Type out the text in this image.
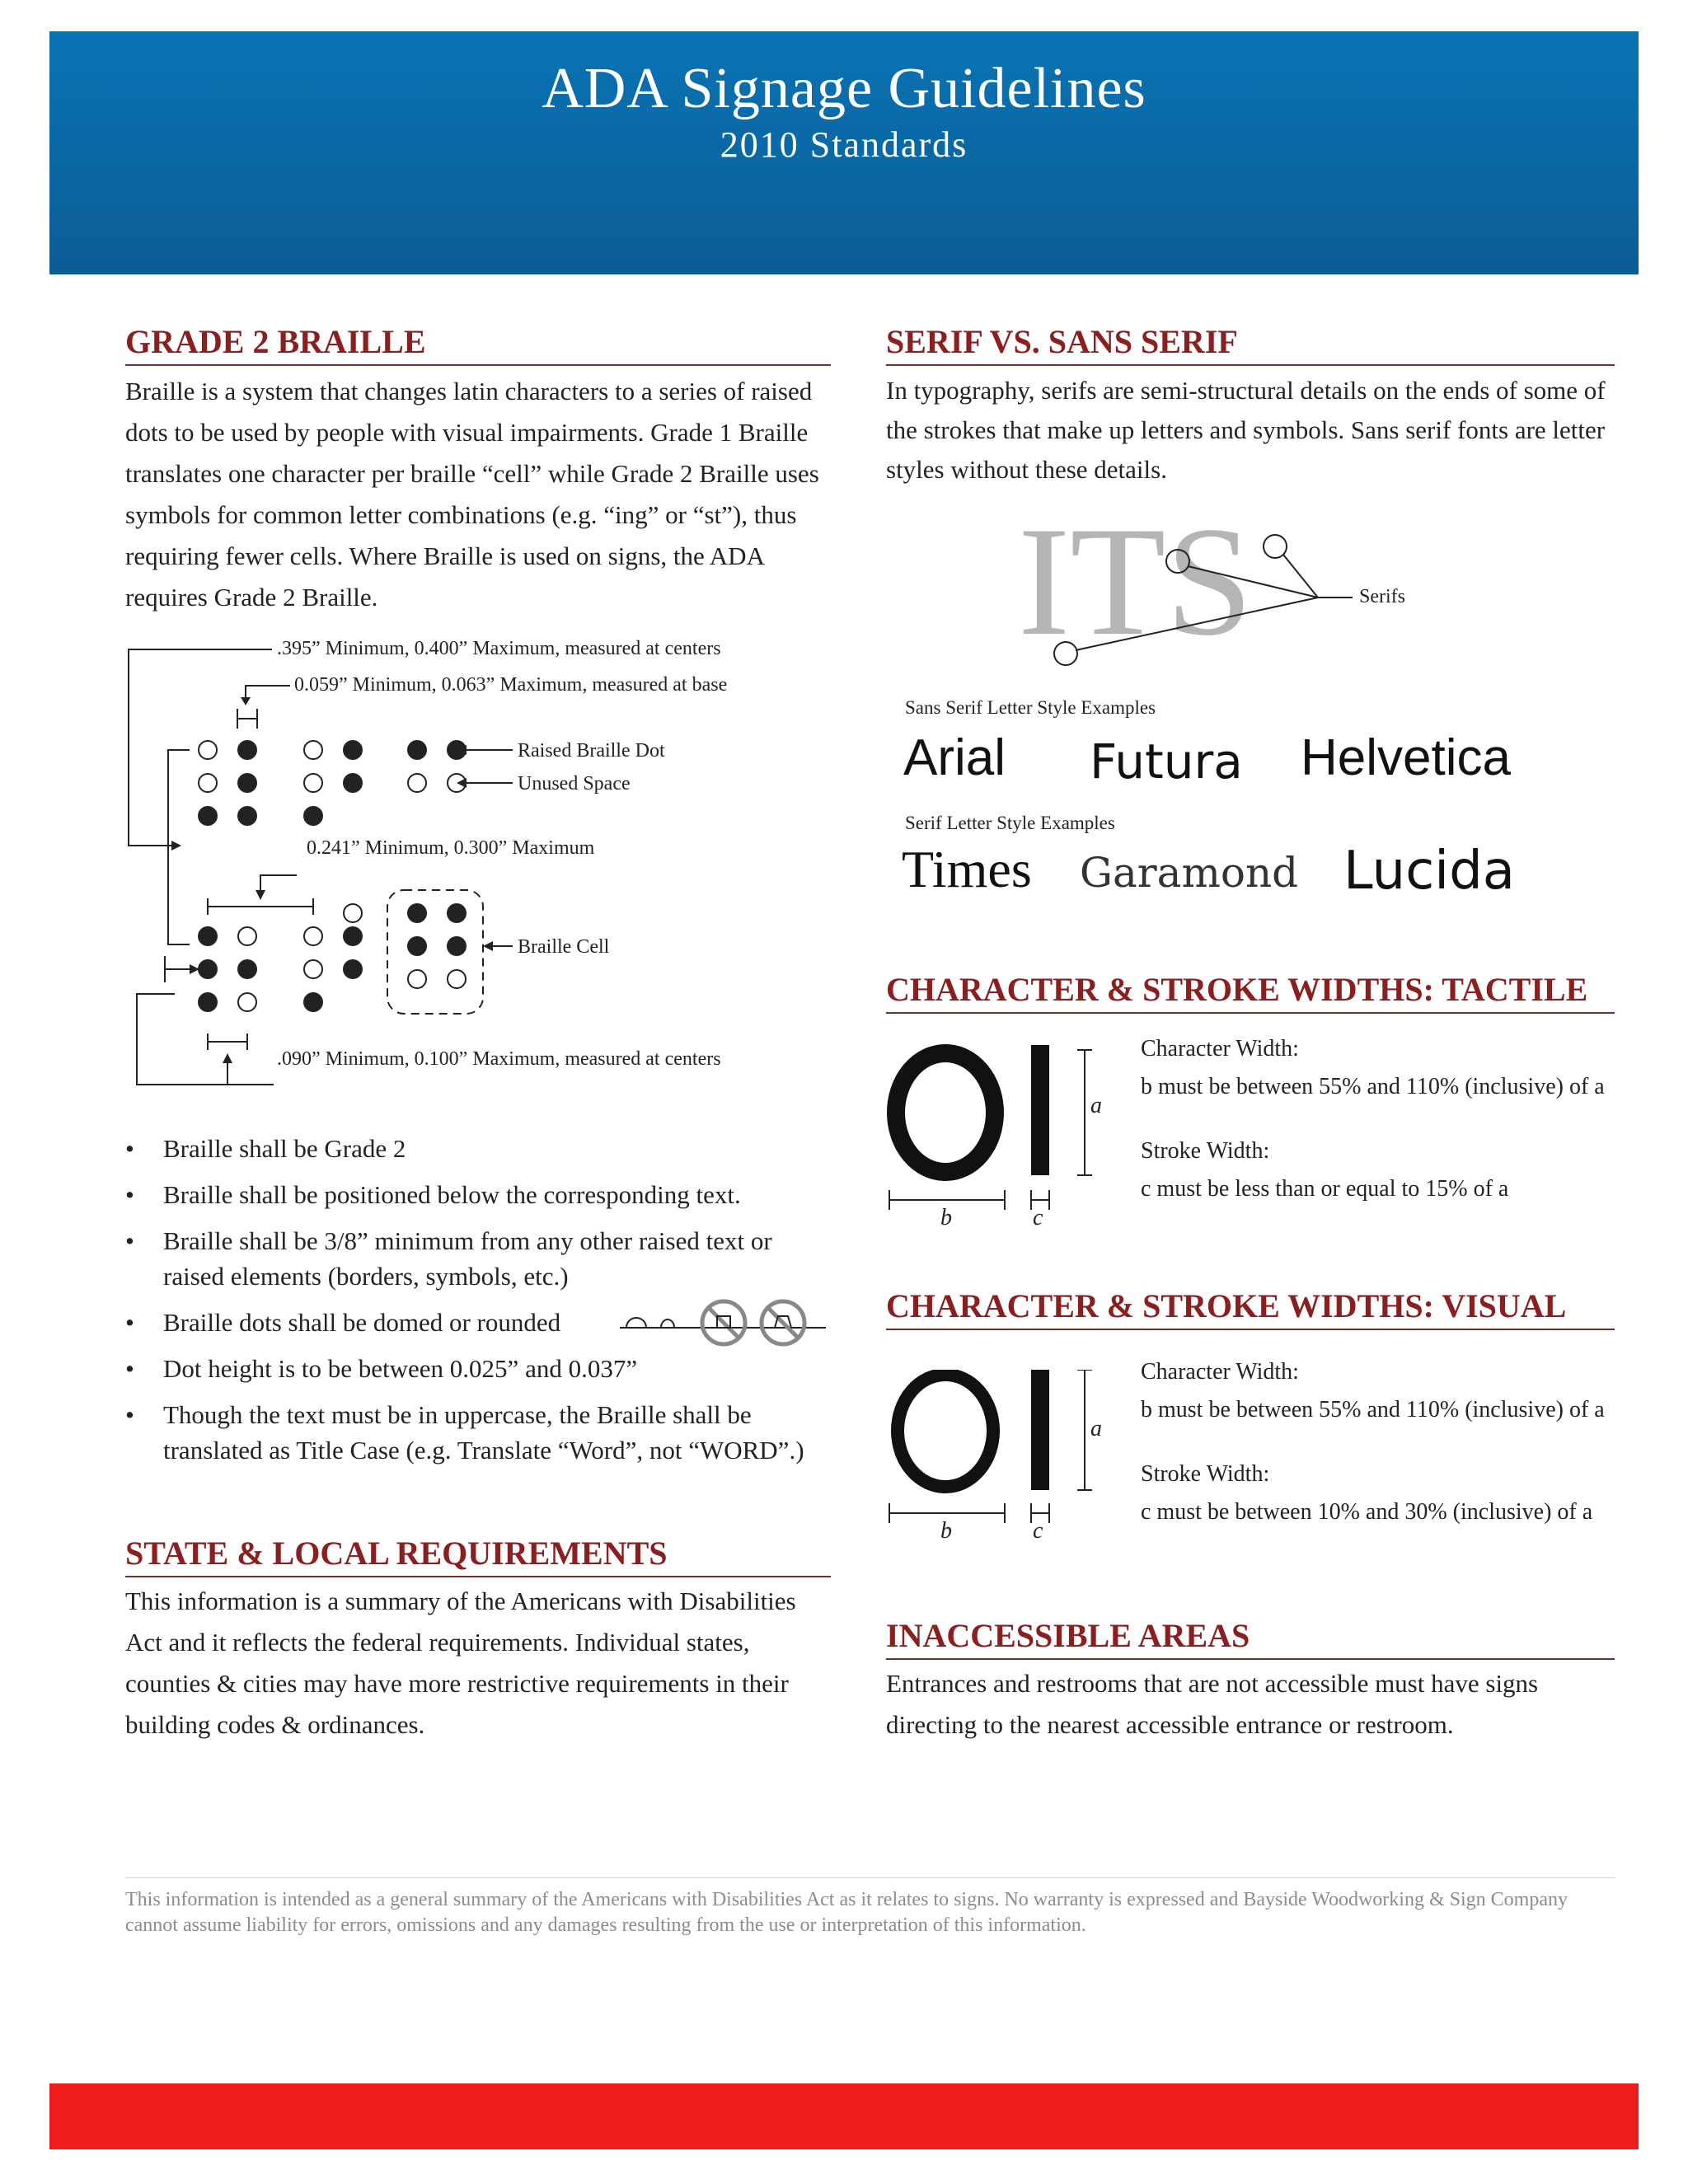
ADA Signage Guidelines
2010 Standards
GRADE 2 BRAILLE

Braille is a system that changes latin characters to a series of raised dots to be used by people with visual impairments. Grade 1 Braille translates one character per braille “cell” while Grade 2 Braille uses symbols for common letter combinations (e.g. “ing” or “st”), thus requiring fewer cells. Where Braille is used on signs, the ADA requires Grade 2 Braille.

.395” Minimum, 0.400” Maximum, measured at centers
0.059” Minimum, 0.063” Maximum, measured at base
Raised Braille Dot
Unused Space
0.241” Minimum, 0.300” Maximum
Braille Cell
.090” Minimum, 0.100” Maximum, measured at centers
• Braille shall be Grade 2
• Braille shall be positioned below the corresponding text.
• Braille shall be 3/8” minimum from any other raised text or raised elements (borders, symbols, etc.)
• Braille dots shall be domed or rounded
• Dot height is to be between 0.025” and 0.037”
• Though the text must be in uppercase, the Braille shall be translated as Title Case (e.g. Translate “Word”, not “WORD”.)
STATE & LOCAL REQUIREMENTS

This information is a summary of the Americans with Disabilities Act and it reflects the federal requirements. Individual states, counties & cities may have more restrictive requirements in their building codes & ordinances.

SERIF VS. SANS SERIF

In typography, serifs are semi-structural details on the ends of some of the strokes that make up letters and symbols. Sans serif fonts are letter styles without these details.

ITS	Serifs
Sans Serif Letter Style Examples
Arial Futura Helvetica
Serif Letter Style Examples
Times Garamond Lucida
CHARACTER & STROKE WIDTHS: TACTILE
a
b	c
Character Width:
b must be between 55% and 110% (inclusive) of a
Stroke Width:
c must be less than or equal to 15% of a
CHARACTER & STROKE WIDTHS: VISUAL
a
b	c
Character Width:
b must be between 55% and 110% (inclusive) of a
Stroke Width:
c must be between 10% and 30% (inclusive) of a
INACCESSIBLE AREAS

Entrances and restrooms that are not accessible must have signs directing to the nearest accessible entrance or restroom.

This information is intended as a general summary of the Americans with Disabilities Act as it relates to signs. No warranty is expressed and Bayside Woodworking & Sign Company cannot assume liability for errors, omissions and any damages resulting from the use or interpretation of this information.
